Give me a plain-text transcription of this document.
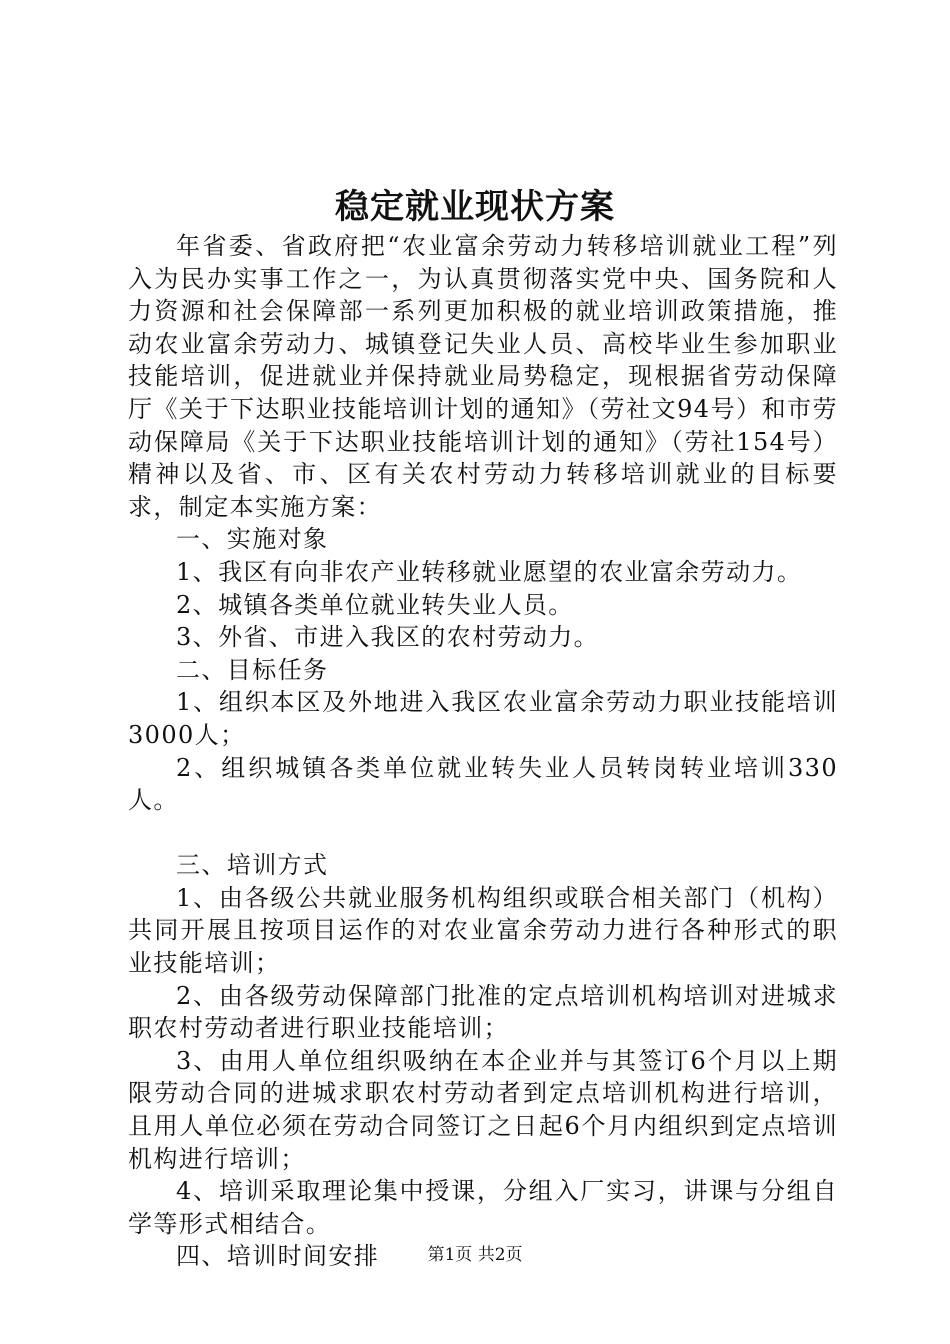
稳定就业现状方案

年省委、省政府把“农业富余劳动力转移培训就业工程”列入为民办实事工作之一，为认真贯彻落实党中央、国务院和人力资源和社会保障部一系列更加积极的就业培训政策措施，推动农业富余劳动力、城镇登记失业人员、高校毕业生参加职业技能培训，促进就业并保持就业局势稳定，现根据省劳动保障厅《关于下达职业技能培训计划的通知》（劳社文94号）和市劳动保障局《关于下达职业技能培训计划的通知》（劳社154号）精神以及省、市、区有关农村劳动力转移培训就业的目标要求，制定本实施方案：

一、实施对象

1、我区有向非农产业转移就业愿望的农业富余劳动力。

2、城镇各类单位就业转失业人员。

3、外省、市进入我区的农村劳动力。

二、目标任务

1、组织本区及外地进入我区农业富余劳动力职业技能培训3000人；

2、组织城镇各类单位就业转失业人员转岗转业培训330人。

三、培训方式

1、由各级公共就业服务机构组织或联合相关部门（机构）共同开展且按项目运作的对农业富余劳动力进行各种形式的职业技能培训；

2、由各级劳动保障部门批准的定点培训机构培训对进城求职农村劳动者进行职业技能培训；

3、由用人单位组织吸纳在本企业并与其签订6个月以上期限劳动合同的进城求职农村劳动者到定点培训机构进行培训，且用人单位必须在劳动合同签订之日起6个月内组织到定点培训机构进行培训；

4、培训采取理论集中授课，分组入厂实习，讲课与分组自学等形式相结合。

四、培训时间安排	第1页 共2页
